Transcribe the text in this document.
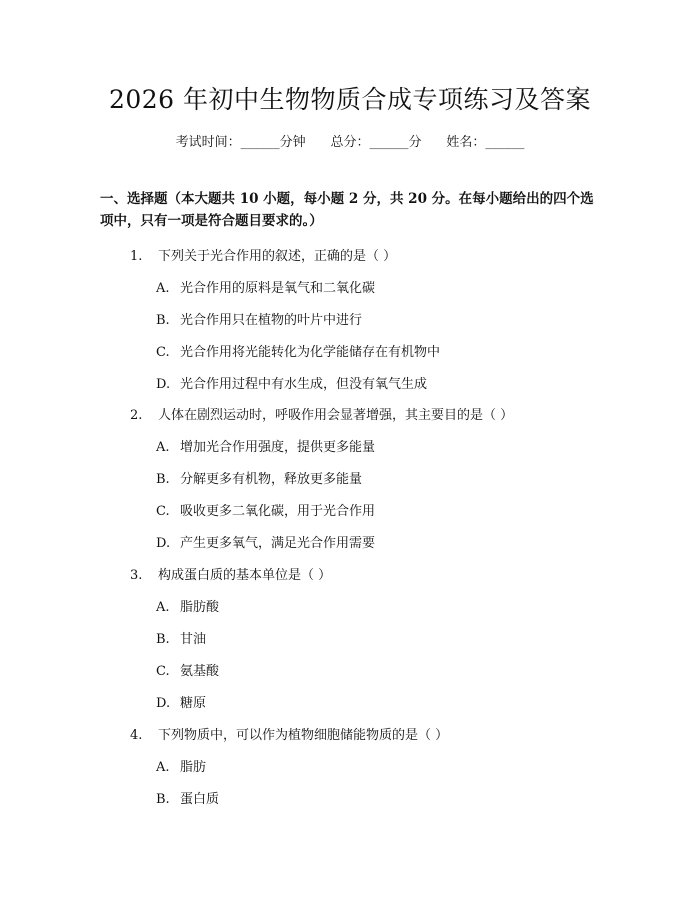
2026 年初中生物物质合成专项练习及答案
考试时间：______分钟 总分：______分 姓名：______
一、选择题（本大题共 10 小题，每小题 2 分，共 20 分。在每小题给出的四个选项中，只有一项是符合题目要求的。）
1. 下列关于光合作用的叙述，正确的是（ ）
A. 光合作用的原料是氧气和二氧化碳
B. 光合作用只在植物的叶片中进行
C. 光合作用将光能转化为化学能储存在有机物中
D. 光合作用过程中有水生成，但没有氧气生成
2. 人体在剧烈运动时，呼吸作用会显著增强，其主要目的是（ ）
A. 增加光合作用强度，提供更多能量
B. 分解更多有机物，释放更多能量
C. 吸收更多二氧化碳，用于光合作用
D. 产生更多氧气，满足光合作用需要
3. 构成蛋白质的基本单位是（ ）
A. 脂肪酸
B. 甘油
C. 氨基酸
D. 糖原
4. 下列物质中，可以作为植物细胞储能物质的是（ ）
A. 脂肪
B. 蛋白质
